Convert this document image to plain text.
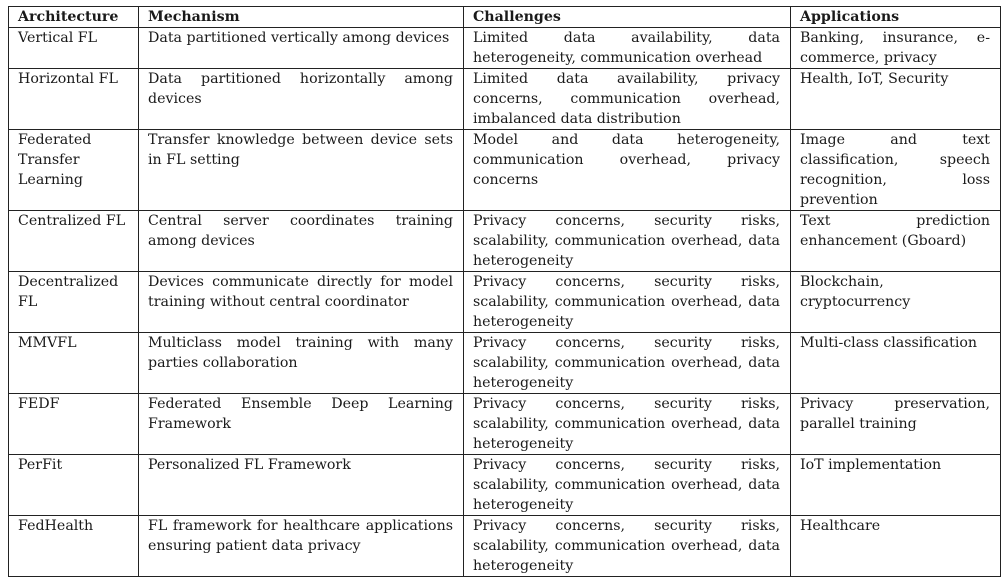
Architecture	Mechanism	Challenges	Applications
Vertical FL	Data partitioned vertically among devices	Limited data availability, data heterogeneity, communication overhead	Banking, insurance, e-commerce, privacy
Horizontal FL	Data partitioned horizontally among devices	Limited data availability, privacy concerns, communication overhead, imbalanced data distribution	Health, IoT, Security
Federated Transfer Learning	Transfer knowledge between device sets in FL setting	Model and data heterogeneity, communication overhead, privacy concerns	Image and text classification, speech recognition, loss prevention
Centralized FL	Central server coordinates training among devices	Privacy concerns, security risks, scalability, communication overhead, data heterogeneity	Text prediction enhancement (Gboard)
Decentralized FL	Devices communicate directly for model training without central coordinator	Privacy concerns, security risks, scalability, communication overhead, data heterogeneity	Blockchain, cryptocurrency
MMVFL	Multiclass model training with many parties collaboration	Privacy concerns, security risks, scalability, communication overhead, data heterogeneity	Multi-class classification
FEDF	Federated Ensemble Deep Learning Framework	Privacy concerns, security risks, scalability, communication overhead, data heterogeneity	Privacy preservation, parallel training
PerFit	Personalized FL Framework	Privacy concerns, security risks, scalability, communication overhead, data heterogeneity	IoT implementation
FedHealth	FL framework for healthcare applications ensuring patient data privacy	Privacy concerns, security risks, scalability, communication overhead, data heterogeneity	Healthcare
